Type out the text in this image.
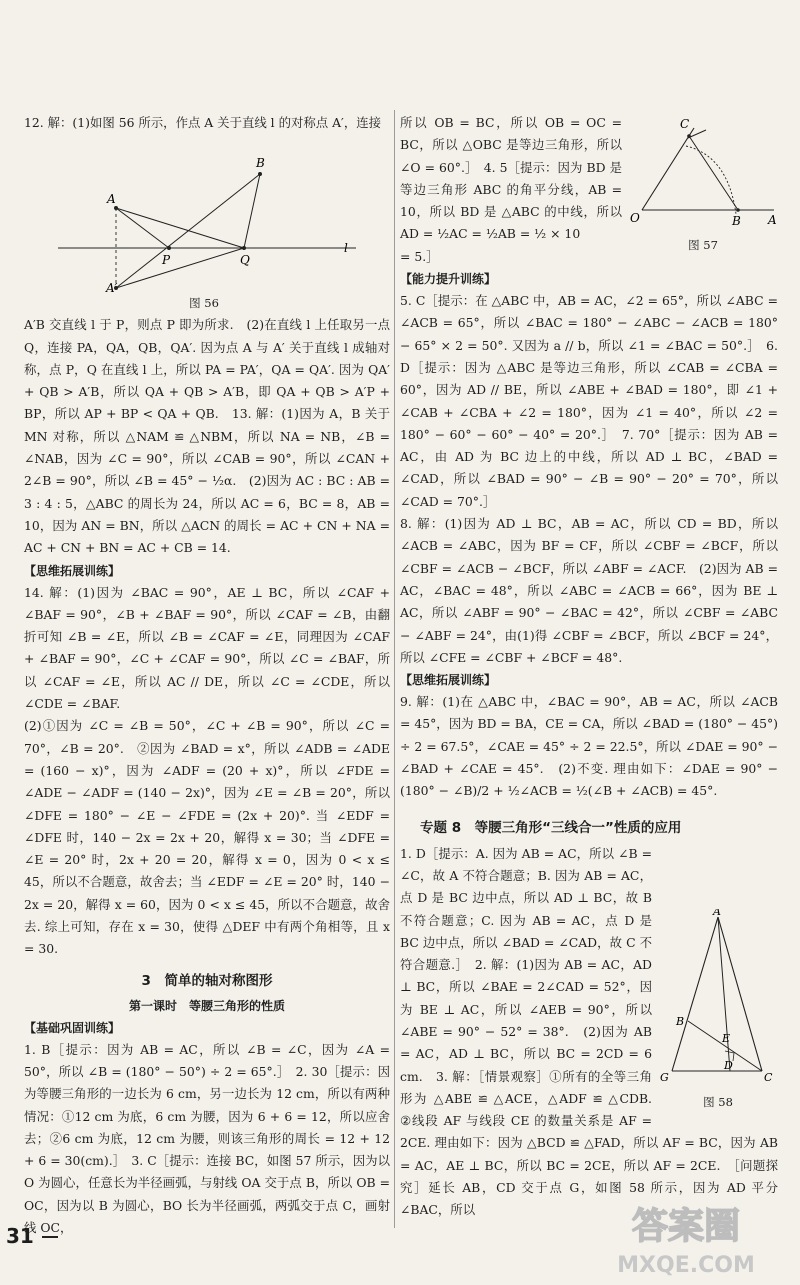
12. 解：(1)如图 56 所示，作点 A 关于直线 l 的对称点 A′，连接

A
B
P	Q
A′
l
图 56

A′B 交直线 l 于 P，则点 P 即为所求.　(2)在直线 l 上任取另一点 Q，连接 PA，QA，QB，QA′. 因为点 A 与 A′ 关于直线 l 成轴对称，点 P，Q 在直线 l 上，所以 PA = PA′，QA = QA′. 因为 QA′ + QB > A′B，所以 QA + QB > A′B，即 QA + QB > A′P + BP，所以 AP + BP < QA + QB.　13. 解：(1)因为 A，B 关于 MN 对称，所以 △NAM ≌ △NBM，所以 NA = NB，∠B = ∠NAB，因为 ∠C = 90°，所以 ∠CAB = 90°，所以 ∠CAN + 2∠B = 90°，所以 ∠B = 45° − ½α.　(2)因为 AC : BC : AB = 3 : 4 : 5，△ABC 的周长为 24，所以 AC = 6，BC = 8，AB = 10，因为 AN = BN，所以 △ACN 的周长 = AC + CN + NA = AC + CN + BN = AC + CB = 14.

【思维拓展训练】

14. 解：(1)因为 ∠BAC = 90°，AE ⊥ BC，所以 ∠CAF + ∠BAF = 90°，∠B + ∠BAF = 90°，所以 ∠CAF = ∠B，由翻折可知 ∠B = ∠E，所以 ∠B = ∠CAF = ∠E，同理因为 ∠CAF + ∠BAF = 90°，∠C + ∠CAF = 90°，所以 ∠C = ∠BAF，所以 ∠CAF = ∠E，所以 AC // DE，所以 ∠C = ∠CDE，所以 ∠CDE = ∠BAF.

(2)①因为 ∠C = ∠B = 50°，∠C + ∠B = 90°，所以 ∠C = 70°，∠B = 20°.　②因为 ∠BAD = x°，所以 ∠ADB = ∠ADE = (160 − x)°，因为 ∠ADF = (20 + x)°，所以 ∠FDE = ∠ADE − ∠ADF = (140 − 2x)°，因为 ∠E = ∠B = 20°，所以 ∠DFE = 180° − ∠E − ∠FDE = (2x + 20)°. 当 ∠EDF = ∠DFE 时，140 − 2x = 2x + 20，解得 x = 30；当 ∠DFE = ∠E = 20° 时，2x + 20 = 20，解得 x = 0，因为 0 < x ≤ 45，所以不合题意，故舍去；当 ∠EDF = ∠E = 20° 时，140 − 2x = 20，解得 x = 60，因为 0 < x ≤ 45，所以不合题意，故舍去. 综上可知，存在 x = 30，使得 △DEF 中有两个角相等，且 x = 30.

3　简单的轴对称图形
第一课时　等腰三角形的性质

【基础巩固训练】

1. B［提示：因为 AB = AC，所以 ∠B = ∠C，因为 ∠A = 50°，所以 ∠B = (180° − 50°) ÷ 2 = 65°.］　2. 30［提示：因为等腰三角形的一边长为 6 cm，另一边长为 12 cm，所以有两种情况：①12 cm 为底，6 cm 为腰，因为 6 + 6 = 12，所以应舍去；②6 cm 为底，12 cm 为腰，则该三角形的周长 = 12 + 12 + 6 = 30(cm).］　3. C［提示：连接 BC，如图 57 所示，因为以 O 为圆心，任意长为半径画弧，与射线 OA 交于点 B，所以 OB = OC，因为以 B 为圆心，BO 长为半径画弧，两弧交于点 C，画射线 OC，

C
O	B A
图 57

所以 OB = BC，所以 OB = OC = BC，所以 △OBC 是等边三角形，所以 ∠O = 60°.］　4. 5［提示：因为 BD 是等边三角形 ABC 的角平分线，AB = 10，所以 BD 是 △ABC 的中线，所以 AD = ½AC = ½AB = ½ × 10

= 5.］

【能力提升训练】

5. C［提示：在 △ABC 中，AB = AC，∠2 = 65°，所以 ∠ABC = ∠ACB = 65°，所以 ∠BAC = 180° − ∠ABC − ∠ACB = 180° − 65° × 2 = 50°. 又因为 a // b，所以 ∠1 = ∠BAC = 50°.］　6. D［提示：因为 △ABC 是等边三角形，所以 ∠CAB = ∠CBA = 60°，因为 AD // BE，所以 ∠ABE + ∠BAD = 180°，即 ∠1 + ∠CAB + ∠CBA + ∠2 = 180°，因为 ∠1 = 40°，所以 ∠2 = 180° − 60° − 60° − 40° = 20°.］　7. 70°［提示：因为 AB = AC，由 AD 为 BC 边上的中线，所以 AD ⊥ BC，∠BAD = ∠CAD，所以 ∠BAD = 90° − ∠B = 90° − 20° = 70°，所以 ∠CAD = 70°.］

8. 解：(1)因为 AD ⊥ BC，AB = AC，所以 CD = BD，所以 ∠ACB = ∠ABC，因为 BF = CF，所以 ∠CBF = ∠BCF，所以 ∠CBF = ∠ACB − ∠BCF，所以 ∠ABF = ∠ACF.　(2)因为 AB = AC，∠BAC = 48°，所以 ∠ABC = ∠ACB = 66°，因为 BE ⊥ AC，所以 ∠ABF = 90° − ∠BAC = 42°，所以 ∠CBF = ∠ABC − ∠ABF = 24°，由(1)得 ∠CBF = ∠BCF，所以 ∠BCF = 24°，所以 ∠CFE = ∠CBF + ∠BCF = 48°.

【思维拓展训练】

9. 解：(1)在 △ABC 中，∠BAC = 90°，AB = AC，所以 ∠ACB = 45°，因为 BD = BA，CE = CA，所以 ∠BAD = (180° − 45°) ÷ 2 = 67.5°，∠CAE = 45° ÷ 2 = 22.5°，所以 ∠DAE = 90° − ∠BAD + ∠CAE = 45°.　(2)不变. 理由如下：∠DAE = 90° − (180° − ∠B)/2 + ½∠ACB = ½(∠B + ∠ACB) = 45°.

专题 8　等腰三角形“三线合一”性质的应用
A
B
E
D
G	C
图 58

1. D［提示：A. 因为 AB = AC，所以 ∠B = ∠C，故 A 不符合题意；B. 因为 AB = AC，点 D 是 BC 边中点，所以 AD ⊥ BC，故 B 不符合题意；C. 因为 AB = AC，点 D 是 BC 边中点，所以 ∠BAD = ∠CAD，故 C 不符合题意.］　2. 解：(1)因为 AB = AC，AD ⊥ BC，所以 ∠BAE = 2∠CAD = 52°，因为 BE ⊥ AC，所以 ∠AEB = 90°，所以 ∠ABE = 90° − 52° = 38°.　(2)因为 AB = AC，AD ⊥ BC，所以 BC = 2CD = 6 cm.　3. 解：［情景观察］①所有的全等三角形为 △ABE ≌ △ACE，△ADF ≌ △CDB.　②线段 AF 与线段 CE 的数量关系是 AF = 2CE. 理由如下：因为 △BCD ≌ △FAD，所以 AF = BC，因为 AB = AC，AE ⊥ BC，所以 BC = 2CE，所以 AF = 2CE.　［问题探究］延长 AB，CD 交于点 G，如图 58 所示，因为 AD 平分 ∠BAC，所以

31	答案圈
MXQE.COM
